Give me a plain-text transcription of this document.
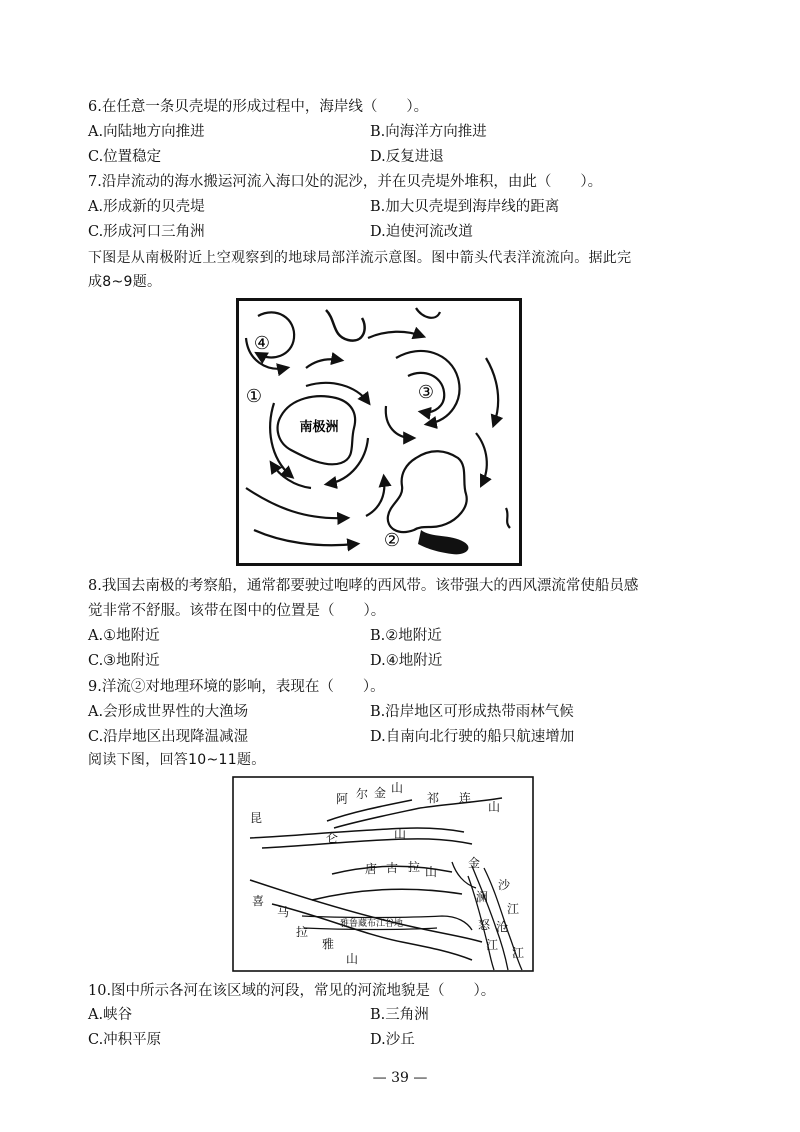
6.在任意一条贝壳堤的形成过程中，海岸线（　　）。
A.向陆地方向推进	B.向海洋方向推进
C.位置稳定	D.反复进退
7.沿岸流动的海水搬运河流入海口处的泥沙，并在贝壳堤外堆积，由此（　　）。
A.形成新的贝壳堤	B.加大贝壳堤到海岸线的距离
C.形成河口三角洲	D.迫使河流改道
下图是从南极附近上空观察到的地球局部洋流示意图。图中箭头代表洋流流向。据此完
成8~9题。
南极洲
④
①	③
②
8.我国去南极的考察船，通常都要驶过咆哮的西风带。该带强大的西风漂流常使船员感
觉非常不舒服。该带在图中的位置是（　　）。
A.①地附近	B.②地附近
C.③地附近	D.④地附近
9.洋流②对地理环境的影响，表现在（　　）。
A.会形成世界性的大渔场	B.沿岸地区可形成热带雨林气候
C.沿岸地区出现降温减湿	D.自南向北行驶的船只航速增加
阅读下图，回答10~11题。
阿 尔 金 山
祁 连
山
昆
仑	山
唐 古 拉 山
金
沙
江
澜
沧
江
怒
江
喜
马
拉
雅
山
雅鲁藏布江谷地
10.图中所示各河在该区域的河段，常见的河流地貌是（　　）。
A.峡谷	B.三角洲
C.冲积平原	D.沙丘
— 39 —
